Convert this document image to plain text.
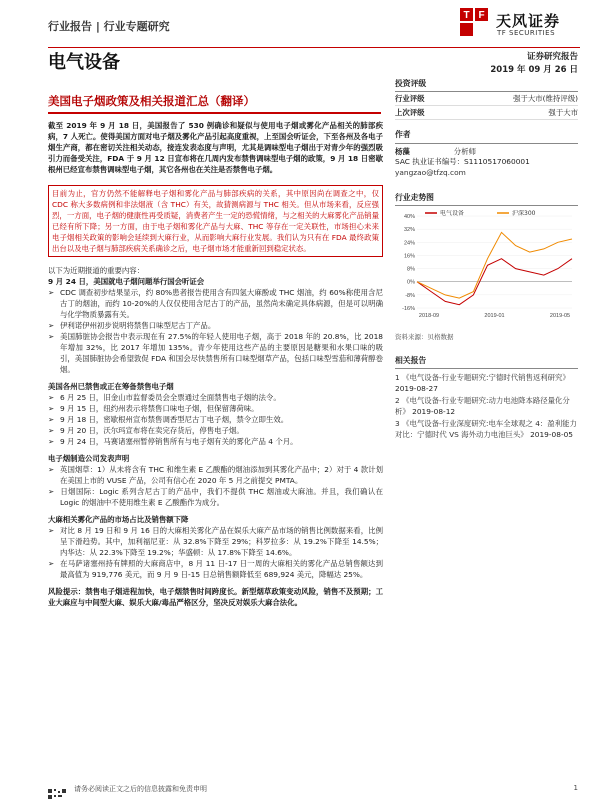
行业报告 | 行业专题研究
T F 天风证券
TF SECURITIES
电气设备	证券研究报告
2019 年 09 月 26 日
美国电子烟政策及相关报道汇总（翻译）

截至 2019 年 9 月 18 日，美国报告了 530 例确诊和疑似与使用电子烟或雾化产品相关的肺部疾病，7 人死亡。使得美国方面对电子烟及雾化产品引起高度重视，上至国会听证会，下至各州及各电子烟生产商，都在密切关注相关动态，接连发表态度与声明，尤其是调味型电子烟出于对青少年的强烈吸引力而备受关注，FDA 于 9 月 12 日宣布将在几周内发布禁售调味型电子烟的政策，9 月 18 日密歇根州已经宣布禁售调味型电子烟，其它各州也在关注是否禁售电子烟。

目前为止，官方仍然不能解释电子烟和雾化产品与肺部疾病的关系，其中原因尚在调查之中，仅 CDC 称大多数病例和非法烟液（含 THC）有关，故猜测病源与 THC 相关。但从市场来看，反应强烈，一方面，电子烟的健康性再受质疑，消费者产生一定的恐慌情绪，与之相关的大麻雾化产品销量已经有所下降；另一方面，由于电子烟和雾化产品与大麻、THC 等存在一定关联性，市场担心未来电子烟相关政策的影响会延续到大麻行业，从而影响大麻行业发展。我们认为只有在 FDA 最终政策出台以及电子烟与肺部疾病关系确诊之后，电子烟市场才能重新回到稳定状态。

以下为近期报道的重要内容：

9 月 24 日，美国就电子烟问题举行国会听证会

➢ CDC 调查初步结果显示，约 80%患者报告使用含有四氢大麻酚或 THC 烟油，约 60%称使用含尼古丁的烟油，而约 10-20%的人仅仅使用含尼古丁的产品，虽然尚未确定具体病源，但是可以明确与化学物质暴露有关。

➢ 伊利诺伊州初步说明将禁售口味型尼古丁产品。

➢ 美国肺脏协会报告中表示现在有 27.5%的年轻人使用电子烟，高于 2018 年的 20.8%，比 2018 年增加 32%，比 2017 年增加 135%。青少年使用这些产品的主要原因是糖果和水果口味的吸引，美国肺脏协会希望敦促 FDA 和国会尽快禁售所有口味型烟草产品，包括口味型雪茄和薄荷醇卷烟。

美国各州已禁售或正在筹备禁售电子烟

➢ 6 月 25 日，旧金山市监督委员会全票通过全面禁售电子烟的法令。

➢ 9 月 15 日，纽约州表示将禁售口味电子烟，但保留薄荷味。

➢ 9 月 18 日，密歇根州宣布禁售调香型尼古丁电子烟，禁令立即生效。

➢ 9 月 20 日，沃尔玛宣布将在卖完存货后，停售电子烟。

➢ 9 月 24 日，马赛诸塞州暂停销售所有与电子烟有关的雾化产品 4 个月。

电子烟制造公司发表声明

➢ 英国烟草：1）从未将含有 THC 和维生素 E 乙酸酯的烟油添加到其雾化产品中；2）对于 4 款计划在美国上市的 VUSE 产品，公司有信心在 2020 年 5 月之前提交 PMTA。

➢ 日烟国际：Logic 系列含尼古丁的产品中，我们不提供 THC 烟油或大麻油。并且，我们确认在 Logic 的烟油中不使用维生素 E 乙酸酯作为成分。

大麻相关雾化产品的市场占比及销售额下降

➢ 对比 8 月 19 日和 9 月 16 日的大麻相关雾化产品在娱乐大麻产品市场的销售比例数据来看，比例呈下滑趋势。其中，加利福尼亚：从 32.8%下降至 29%；科罗拉多：从 19.2%下降至 14.5%；内华达：从 22.3%下降至 19.2%；华盛顿：从 17.8%下降至 14.6%。

➢ 在马萨诸塞州持有牌照的大麻商店中，8 月 11 日-17 日一周的大麻相关的雾化产品总销售额达到最高值为 919,776 美元，而 9 月 9 日-15 日总销售额降低至 689,924 美元，降幅达 25%。

风险提示：禁售电子烟进程加快，电子烟禁售时间跨度长。新型烟草政策变动风险，销售不及预期；工业大麻应与中间型大麻、娱乐大麻/毒品严格区分，坚决反对娱乐大麻合法化。

投资评级
行业评级	强于大市(维持评级)
上次评级	强于大市
作者
杨藻	分析师
SAC 执业证书编号：S1110517060001
yangzao@tfzq.com
行业走势图
40%
32%
24%
16%
8%
0%
-8%
-16%
2018-09	2019-01	2019-05
电气设备	沪深300
资料来源：贝格数据
相关报告
1 《电气设备-行业专题研究:宁德时代销售返利研究》 2019-08-27
2 《电气设备-行业专题研究:动力电池降本路径量化分析》 2019-08-12
3 《电气设备-行业深度研究:电车全球观之 4：盈利能力对比：宁德时代 VS 海外动力电池巨头》 2019-08-05
请务必阅读正文之后的信息披露和免责申明	1
